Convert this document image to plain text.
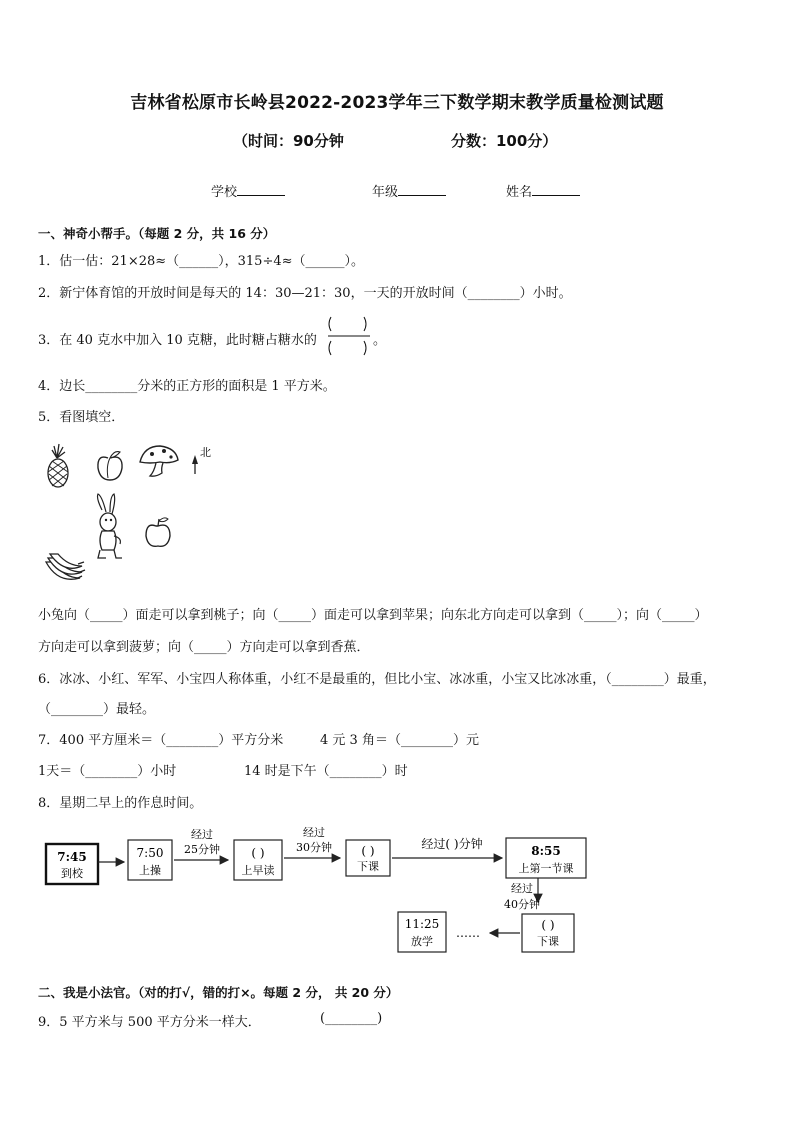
吉林省松原市长岭县2022-2023学年三下数学期末教学质量检测试题
（时间：90分钟	分数：100分）
学校	年级	姓名
一、神奇小帮手。（每题 2 分，共 16 分）
1．估一估：21×28≈（______），315÷4≈（______）。
2．新宁体育馆的开放时间是每天的 14：30—21：30，一天的开放时间（________）小时。
3．在 40 克水中加入 10 克糖，此时糖占糖水的	。
4．边长________分米的正方形的面积是 1 平方米。
5．看图填空．
北
小兔向（_____）面走可以拿到桃子；向（_____）面走可以拿到苹果；向东北方向走可以拿到（_____）；向（_____）
方向走可以拿到菠萝；向（_____）方向走可以拿到香蕉．
6．冰冰、小红、军军、小宝四人称体重，小红不是最重的，但比小宝、冰冰重，小宝又比冰冰重，（________）最重，
（________）最轻。
7．400 平方厘米＝（________）平方分米	4 元 3 角＝（________）元
1天＝（________）小时	14 时是下午（________）时
8．星期二早上的作息时间。
7:45
到校
7:50
上操
经过
25分钟	( )
上早读
经过
30分钟 ( )
下课
经过( )分钟	8:55
上第一节课
经过
40分钟
( )
下课
……
11:25
放学
二、我是小法官。（对的打√，错的打×。每题 2 分， 共 20 分）
9．5 平方米与 500 平方分米一样大．	(________)
